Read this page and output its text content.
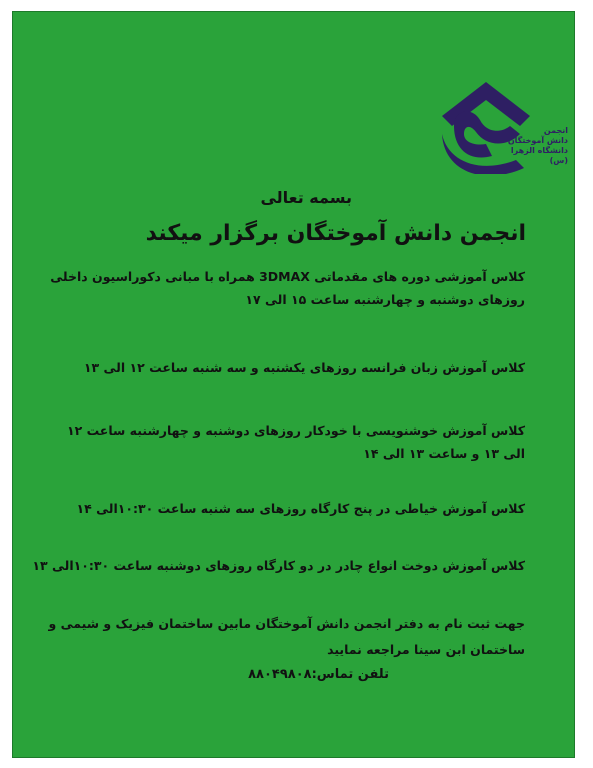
انجمن
دانش آموختگان
دانشگاه الزهرا (س)
بسمه تعالی
انجمن دانش آموختگان برگزار میکند
کلاس آموزشی دوره های مقدماتی 3DMAX همراه با مبانی دکوراسیون داخلی
روزهای دوشنبه و چهارشنبه ساعت ۱۵ الی ۱۷
کلاس آموزش زبان فرانسه روزهای یکشنبه و سه شنبه ساعت ۱۲ الی ۱۳
کلاس آموزش خوشنویسی با خودکار روزهای دوشنبه و چهارشنبه ساعت ۱۲
الی ۱۳ و ساعت ۱۳ الی ۱۴
کلاس آموزش خیاطی در پنج کارگاه روزهای سه شنبه ساعت ۱۰:۳۰الی ۱۴
کلاس آموزش دوخت انواع چادر در دو کارگاه روزهای دوشنبه ساعت ۱۰:۳۰الی ۱۳
جهت ثبت نام به دفتر انجمن دانش آموختگان مابین ساختمان فیزیک و شیمی و
ساختمان ابن سینا مراجعه نمایید
تلفن تماس:۸۸۰۴۹۸۰۸
